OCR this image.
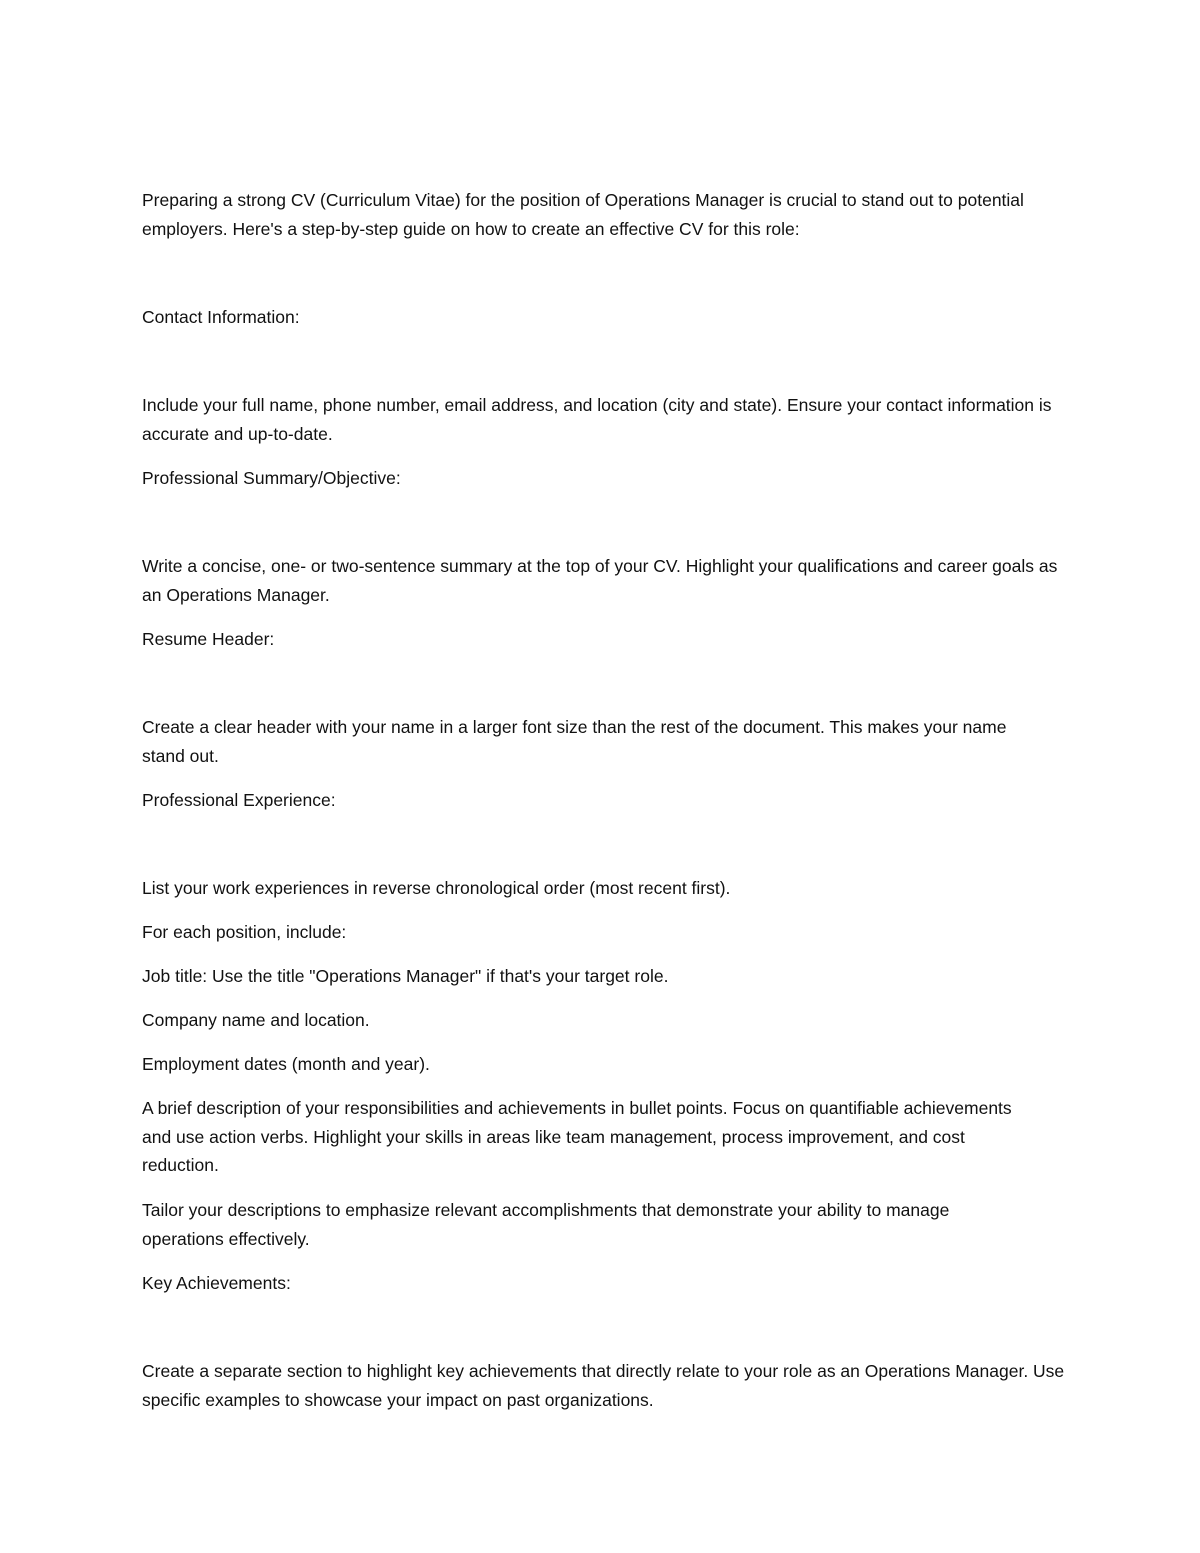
Preparing a strong CV (Curriculum Vitae) for the position of Operations Manager is crucial to stand out to potential employers. Here's a step-by-step guide on how to create an effective CV for this role:

Contact Information:

Include your full name, phone number, email address, and location (city and state). Ensure your contact information is accurate and up-to-date.

Professional Summary/Objective:

Write a concise, one- or two-sentence summary at the top of your CV. Highlight your qualifications and career goals as an Operations Manager.

Resume Header:

Create a clear header with your name in a larger font size than the rest of the document. This makes your name stand out.

Professional Experience:

List your work experiences in reverse chronological order (most recent first).

For each position, include:

Job title: Use the title "Operations Manager" if that's your target role.

Company name and location.

Employment dates (month and year).

A brief description of your responsibilities and achievements in bullet points. Focus on quantifiable achievements and use action verbs. Highlight your skills in areas like team management, process improvement, and cost reduction.

Tailor your descriptions to emphasize relevant accomplishments that demonstrate your ability to manage operations effectively.

Key Achievements:

Create a separate section to highlight key achievements that directly relate to your role as an Operations Manager. Use specific examples to showcase your impact on past organizations.
